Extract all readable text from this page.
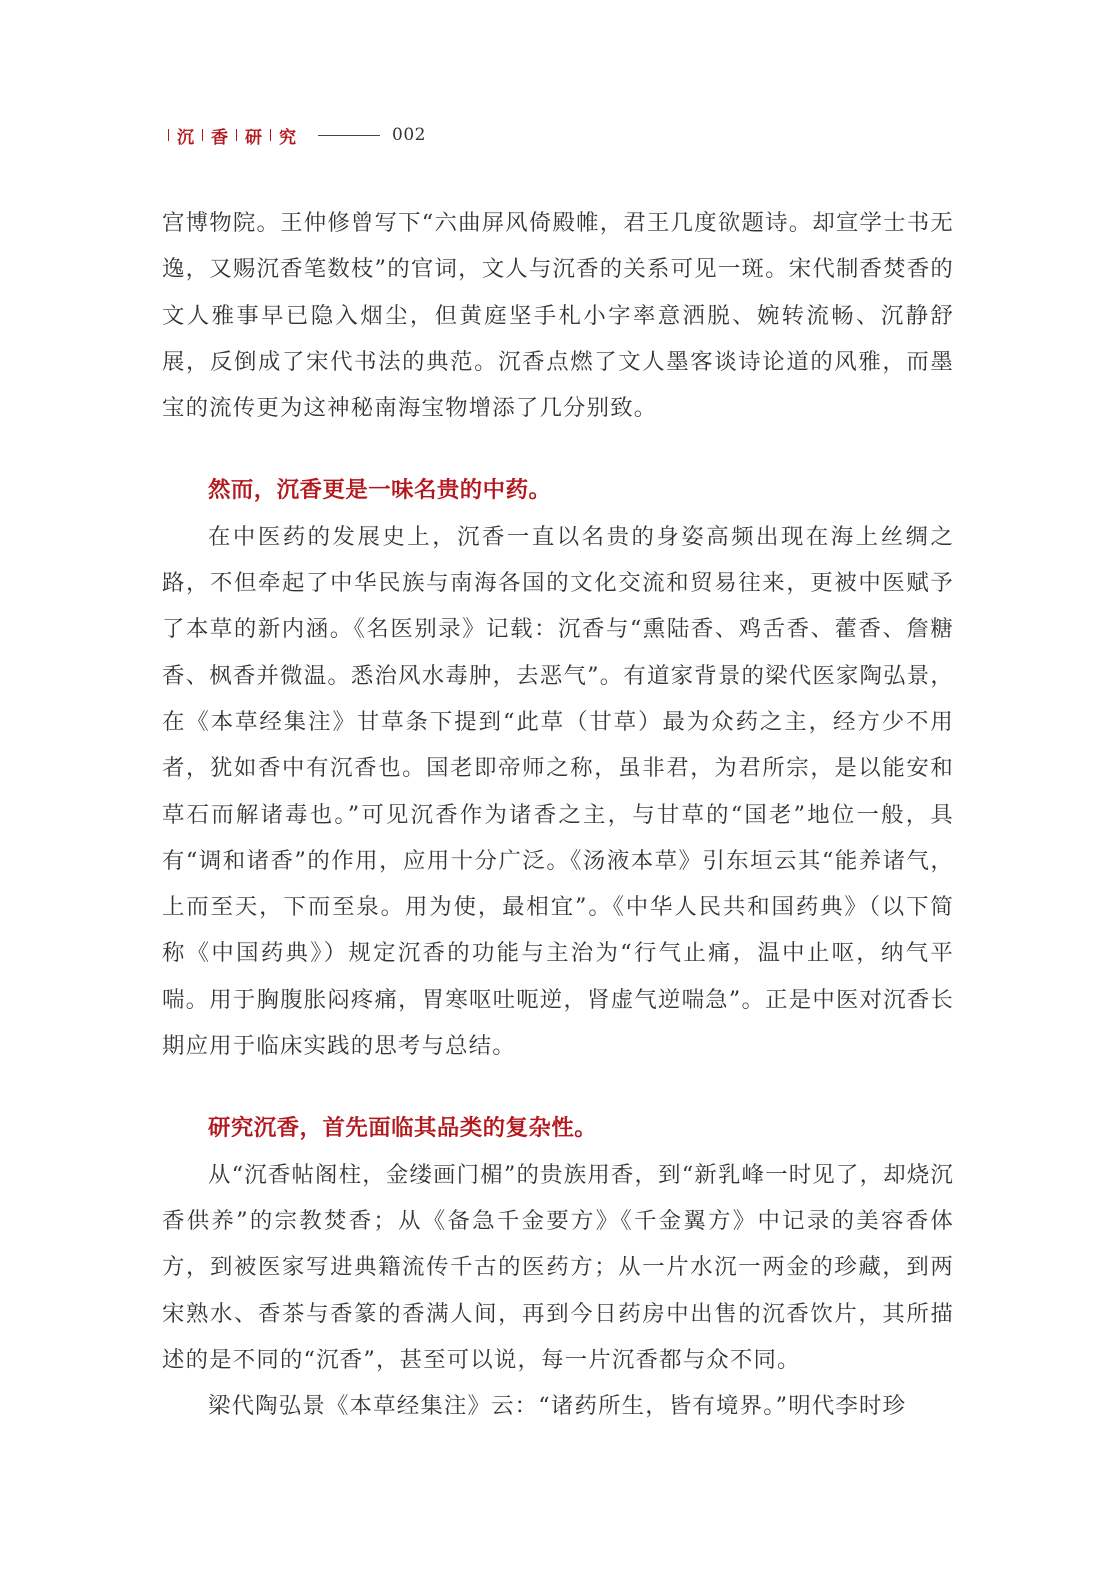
沉 香 研 究	002

宫博物院。王仲修曾写下“六曲屏风倚殿帷，君王几度欲题诗。却宣学士书无逸，又赐沉香笔数枝”的官词，文人与沉香的关系可见一斑。宋代制香焚香的文人雅事早已隐入烟尘，但黄庭坚手札小字率意洒脱、婉转流畅、沉静舒展，反倒成了宋代书法的典范。沉香点燃了文人墨客谈诗论道的风雅，而墨宝的流传更为这神秘南海宝物增添了几分别致。

然而，沉香更是一味名贵的中药。

在中医药的发展史上，沉香一直以名贵的身姿高频出现在海上丝绸之路，不但牵起了中华民族与南海各国的文化交流和贸易往来，更被中医赋予了本草的新内涵。《名医别录》记载：沉香与“熏陆香、鸡舌香、藿香、詹糖香、枫香并微温。悉治风水毒肿，去恶气”。有道家背景的梁代医家陶弘景，在《本草经集注》甘草条下提到“此草（甘草）最为众药之主，经方少不用者，犹如香中有沉香也。国老即帝师之称，虽非君，为君所宗，是以能安和草石而解诸毒也。”可见沉香作为诸香之主，与甘草的“国老”地位一般，具有“调和诸香”的作用，应用十分广泛。《汤液本草》引东垣云其“能养诸气，上而至天，下而至泉。用为使，最相宜”。《中华人民共和国药典》（以下简称《中国药典》）规定沉香的功能与主治为“行气止痛，温中止呕，纳气平喘。用于胸腹胀闷疼痛，胃寒呕吐呃逆，肾虚气逆喘急”。正是中医对沉香长期应用于临床实践的思考与总结。

研究沉香，首先面临其品类的复杂性。

从“沉香帖阁柱，金缕画门楣”的贵族用香，到“新乳峰一时见了，却烧沉香供养”的宗教焚香；从《备急千金要方》《千金翼方》中记录的美容香体方，到被医家写进典籍流传千古的医药方；从一片水沉一两金的珍藏，到两宋熟水、香茶与香篆的香满人间，再到今日药房中出售的沉香饮片，其所描述的是不同的“沉香”，甚至可以说，每一片沉香都与众不同。

梁代陶弘景《本草经集注》云：“诸药所生，皆有境界。”明代李时珍
